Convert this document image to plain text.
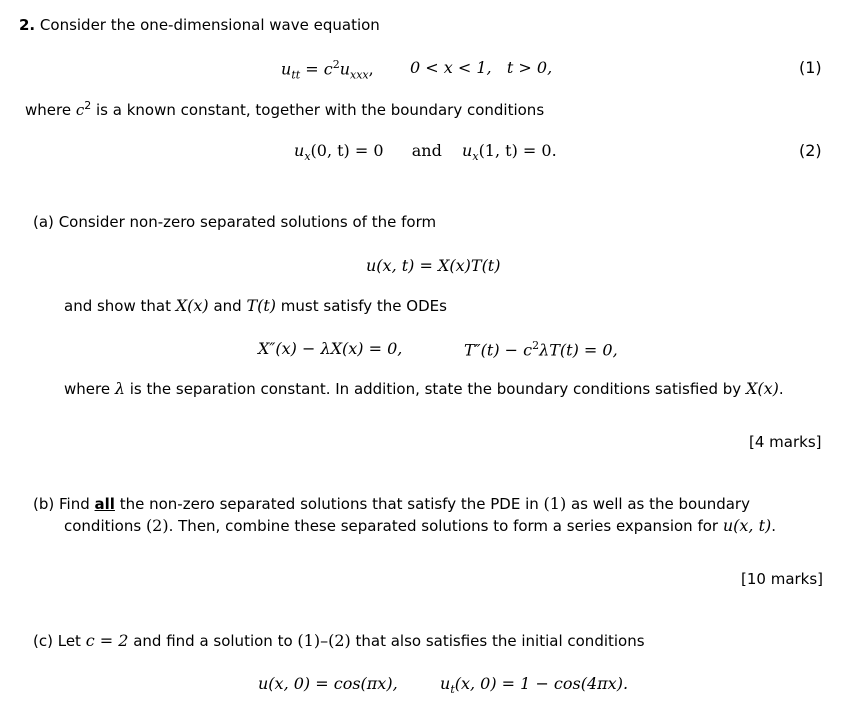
2. Consider the one-dimensional wave equation
$u_{tt} = c^2u_{xxx}$, 0 < x < 1,   t > 0,	(1)
where $c^2$ is a known constant, together with the boundary conditions
$u_x(0$, t) = 0 and $u_x(1$, t) = 0.	(2)
(a) Consider non-zero separated solutions of the form
u(x, t) = X(x)T(t)
and show that X(x) and T(t) must satisfy the ODEs
X″(x) − λX(x) = 0,	$T''(t) - c^2\lambda T(t) = 0$,
where λ is the separation constant. In addition, state the boundary conditions satisfied by X(x).
[4 marks]
(b) Find all the non-zero separated solutions that satisfy the PDE in (1) as well as the boundary
conditions (2). Then, combine these separated solutions to form a series expansion for u(x, t).
[10 marks]
(c) Let c = 2 and find a solution to (1)–(2) that also satisfies the initial conditions
u(x, 0) = cos(πx),	$u_t(x$, 0) = 1 − cos(4πx).
